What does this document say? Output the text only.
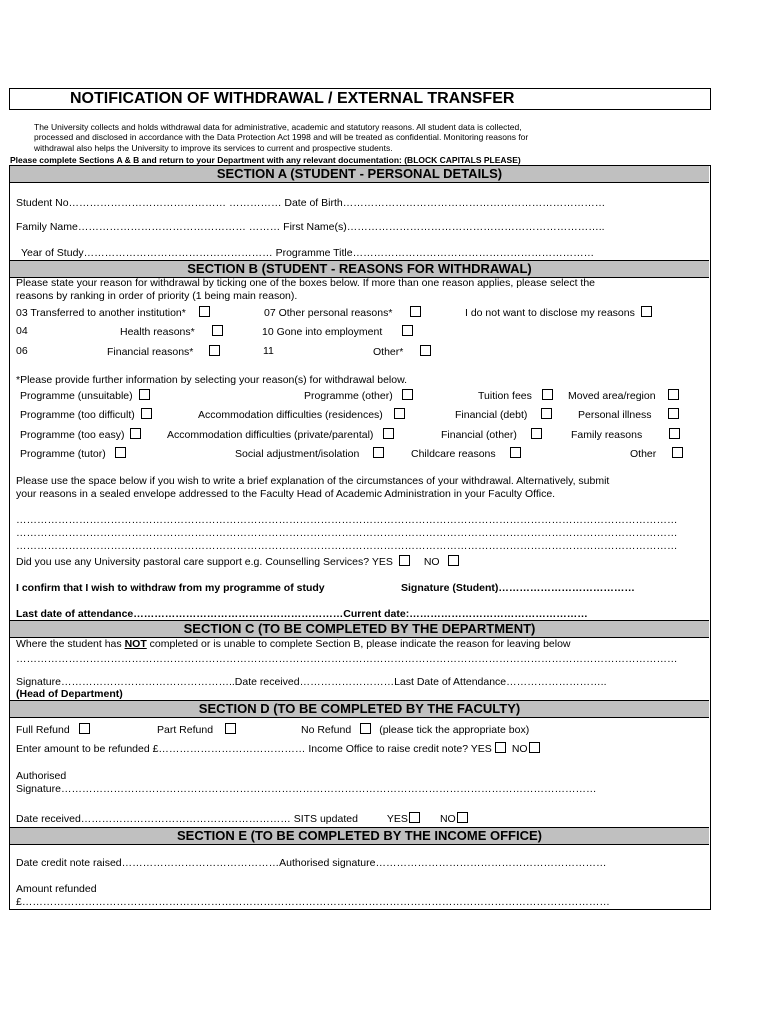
NOTIFICATION OF WITHDRAWAL / EXTERNAL TRANSFER
The University collects and holds withdrawal data for administrative, academic and statutory reasons. All student data is collected,
processed and disclosed in accordance with the Data Protection Act 1998 and will be treated as confidential. Monitoring reasons for
withdrawal also helps the University to improve its services to current and prospective students.
Please complete Sections A & B and return to your Department with any relevant documentation: (BLOCK CAPITALS PLEASE)
SECTION A (STUDENT - PERSONAL DETAILS)
Student No……………………………………… …………… Date of Birth…………………………………………………………………
Family Name………………………………………… ……… First Name(s)………………………………………………………………..
Year of Study……………………………………………… Programme Title……………………………………………………………
SECTION B (STUDENT - REASONS FOR WITHDRAWAL)
Please state your reason for withdrawal by ticking one of the boxes below. If more than one reason applies, please select the
reasons by ranking in order of priority (1 being main reason).
03 Transferred to another institution*	07 Other personal reasons*	I do not want to disclose my reasons
04	Health reasons*	10 Gone into employment
06	Financial reasons*	11	Other*
*Please provide further information by selecting your reason(s) for withdrawal below.
Programme (unsuitable)	Programme (other)	Tuition fees	Moved area/region
Programme (too difficult)	Accommodation difficulties (residences)	Financial (debt)	Personal illness
Programme (too easy)	Accommodation difficulties (private/parental)	Financial (other)	Family reasons
Programme (tutor)	Social adjustment/isolation	Childcare reasons	Other
Please use the space below if you wish to write a brief explanation of the circumstances of your withdrawal. Alternatively, submit
your reasons in a sealed envelope addressed to the Faculty Head of Academic Administration in your Faculty Office.
………………………………………………………………………………………………………………………………………………………………………
………………………………………………………………………………………………………………………………………………………………………
………………………………………………………………………………………………………………………………………………………………………
Did you use any University pastoral care support e.g. Counselling Services? YES	NO
I confirm that I wish to withdraw from my programme of study	Signature (Student)…………………………………
Last date of attendance……………………………………………………Current date:……………………………………………
SECTION C (TO BE COMPLETED BY THE DEPARTMENT)
Where the student has NOT completed or is unable to complete Section B, please indicate the reason for leaving below
………………………………………………………………………………………………………………………………………………………………………
Signature…………………………………………..Date received………………………Last Date of Attendance………………………..
(Head of Department)
SECTION D (TO BE COMPLETED BY THE FACULTY)
Full Refund	Part Refund	No Refund	(please tick the appropriate box)
Enter amount to be refunded £…………………………………… Income Office to raise credit note? YES NO
Authorised
Signature………………………………………………………………………………………………………………………………………
Date received…………………………………………………… SITS updated	YES	NO
SECTION E (TO BE COMPLETED BY THE INCOME OFFICE)
Date credit note raised………………………………………Authorised signature…………………………………………………………
Amount refunded
£……………………………………………………………………………………………………………………………………………………
